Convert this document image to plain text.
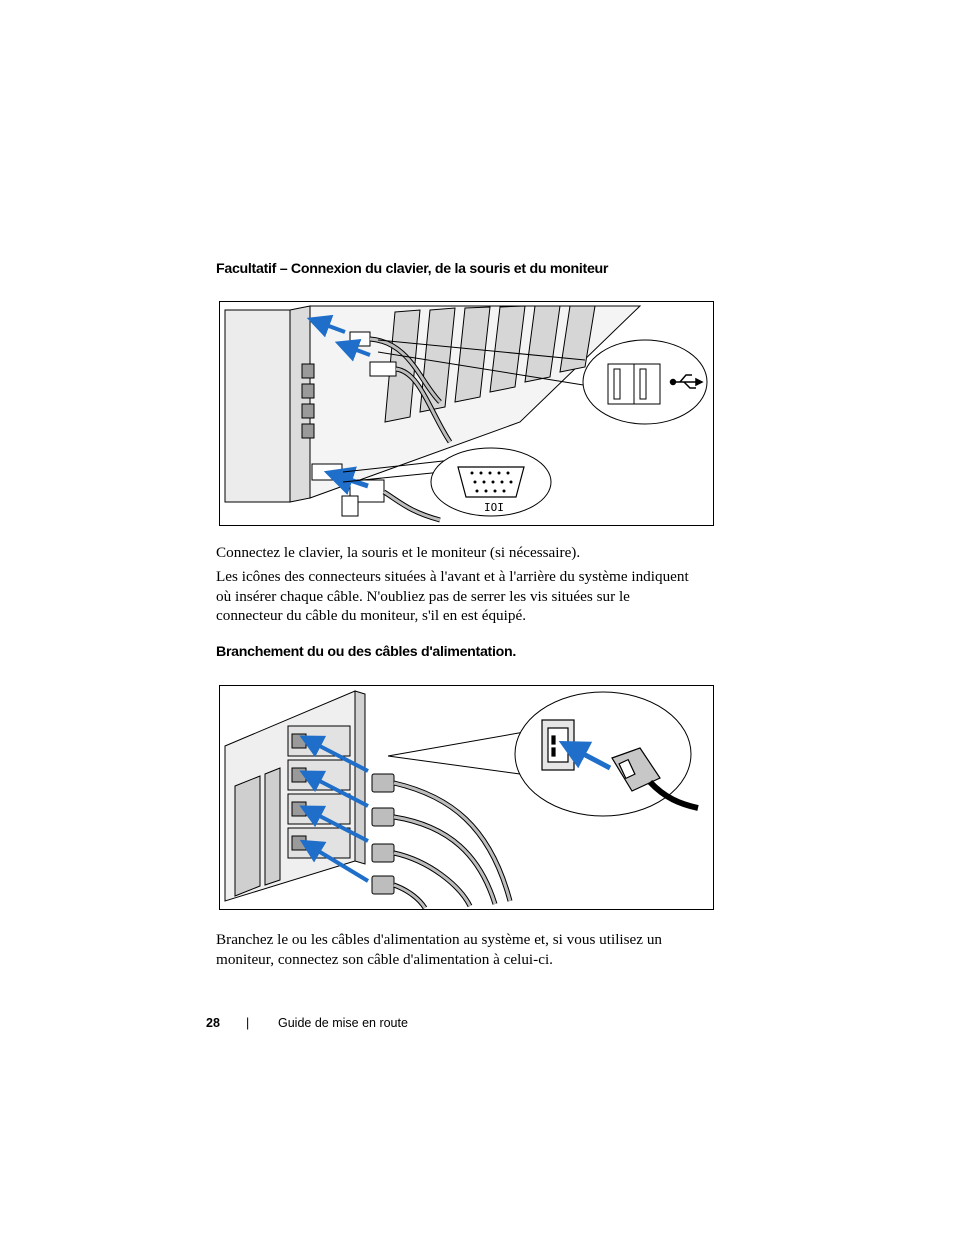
Facultatif – Connexion du clavier, de la souris et du moniteur
IOI

Connectez le clavier, la souris et le moniteur (si nécessaire).

Les icônes des connecteurs situées à l'avant et à l'arrière du système indiquent où insérer chaque câble. N'oubliez pas de serrer les vis situées sur le connecteur du câble du moniteur, s'il en est équipé.

Branchement du ou des câbles d'alimentation.

Branchez le ou les câbles d'alimentation au système et, si vous utilisez un moniteur, connectez son câble d'alimentation à celui-ci.

28 | Guide de mise en route
